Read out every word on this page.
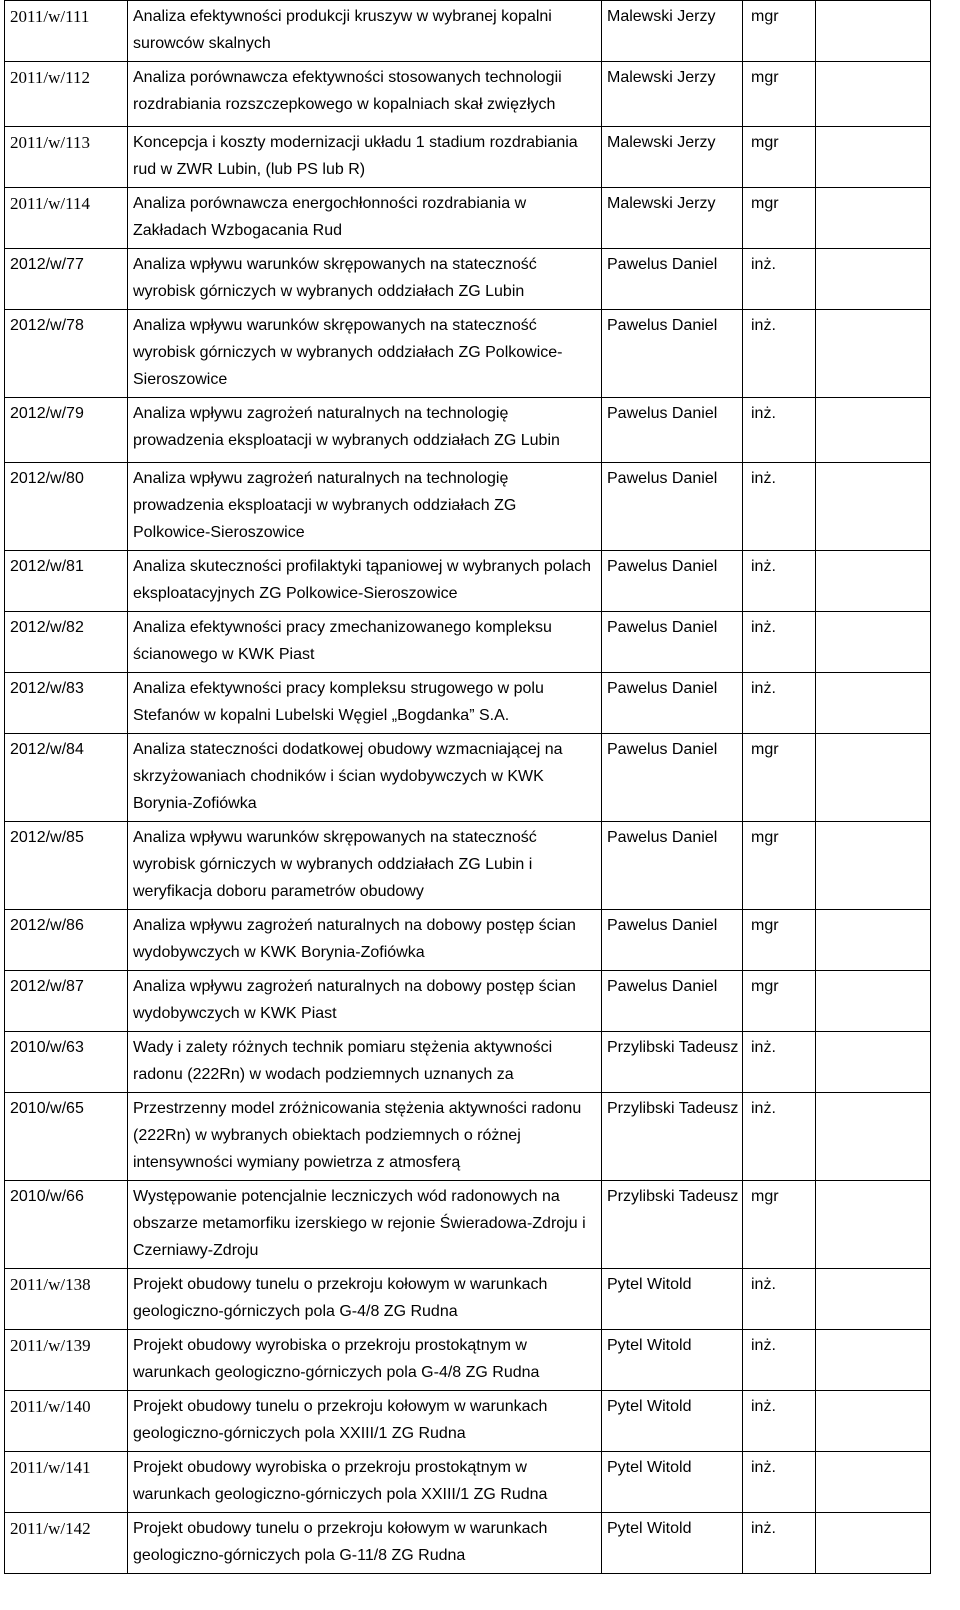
2011/w/111	Analiza efektywności produkcji kruszyw w wybranej kopalni surowców skalnych	Malewski Jerzy	mgr	
2011/w/112	Analiza porównawcza efektywności stosowanych technologii rozdrabiania rozszczepkowego w kopalniach skał zwięzłych	Malewski Jerzy	mgr	
2011/w/113	Koncepcja i koszty modernizacji układu 1 stadium rozdrabiania rud w ZWR Lubin, (lub PS lub R)	Malewski Jerzy	mgr	
2011/w/114	Analiza porównawcza energochłonności rozdrabiania w Zakładach Wzbogacania Rud	Malewski Jerzy	mgr	
2012/w/77	Analiza wpływu warunków skrępowanych na stateczność wyrobisk górniczych w wybranych oddziałach ZG Lubin	Pawelus Daniel	inż.	
2012/w/78	Analiza wpływu warunków skrępowanych na stateczność wyrobisk górniczych w wybranych oddziałach ZG Polkowice-Sieroszowice	Pawelus Daniel	inż.	
2012/w/79	Analiza wpływu zagrożeń naturalnych na technologię prowadzenia eksploatacji w wybranych oddziałach ZG Lubin	Pawelus Daniel	inż.	
2012/w/80	Analiza wpływu zagrożeń naturalnych na technologię prowadzenia eksploatacji w wybranych oddziałach ZG Polkowice-Sieroszowice	Pawelus Daniel	inż.	
2012/w/81	Analiza skuteczności profilaktyki tąpaniowej w wybranych polach eksploatacyjnych ZG Polkowice-Sieroszowice	Pawelus Daniel	inż.	
2012/w/82	Analiza efektywności pracy zmechanizowanego kompleksu ścianowego w KWK Piast	Pawelus Daniel	inż.	
2012/w/83	Analiza efektywności pracy kompleksu strugowego w polu Stefanów w kopalni Lubelski Węgiel „Bogdanka” S.A.	Pawelus Daniel	inż.	
2012/w/84	Analiza stateczności dodatkowej obudowy wzmacniającej na skrzyżowaniach chodników i ścian wydobywczych w KWK Borynia-Zofiówka	Pawelus Daniel	mgr	
2012/w/85	Analiza wpływu warunków skrępowanych na stateczność wyrobisk górniczych w wybranych oddziałach ZG Lubin i weryfikacja doboru parametrów obudowy	Pawelus Daniel	mgr	
2012/w/86	Analiza wpływu zagrożeń naturalnych na dobowy postęp ścian wydobywczych w KWK Borynia-Zofiówka	Pawelus Daniel	mgr	
2012/w/87	Analiza wpływu zagrożeń naturalnych na dobowy postęp ścian wydobywczych w KWK Piast	Pawelus Daniel	mgr	
2010/w/63	Wady i zalety różnych technik pomiaru stężenia aktywności radonu (222Rn) w wodach podziemnych uznanych za	Przylibski Tadeusz	inż.	
2010/w/65	Przestrzenny model zróżnicowania stężenia aktywności radonu (222Rn) w wybranych obiektach podziemnych o różnej intensywności wymiany powietrza z atmosferą	Przylibski Tadeusz	inż.	
2010/w/66	Występowanie potencjalnie leczniczych wód radonowych na obszarze metamorfiku izerskiego w rejonie Świeradowa-Zdroju i Czerniawy-Zdroju	Przylibski Tadeusz	mgr	
2011/w/138	Projekt obudowy tunelu o przekroju kołowym w warunkach geologiczno-górniczych pola G-4/8 ZG Rudna	Pytel Witold	inż.	
2011/w/139	Projekt obudowy wyrobiska o przekroju prostokątnym w warunkach geologiczno-górniczych pola G-4/8 ZG Rudna	Pytel Witold	inż.	
2011/w/140	Projekt obudowy tunelu o przekroju kołowym w warunkach geologiczno-górniczych pola XXIII/1 ZG Rudna	Pytel Witold	inż.	
2011/w/141	Projekt obudowy wyrobiska o przekroju prostokątnym w warunkach geologiczno-górniczych pola XXIII/1 ZG Rudna	Pytel Witold	inż.	
2011/w/142	Projekt obudowy tunelu o przekroju kołowym w warunkach geologiczno-górniczych pola G-11/8 ZG Rudna	Pytel Witold	inż.	
